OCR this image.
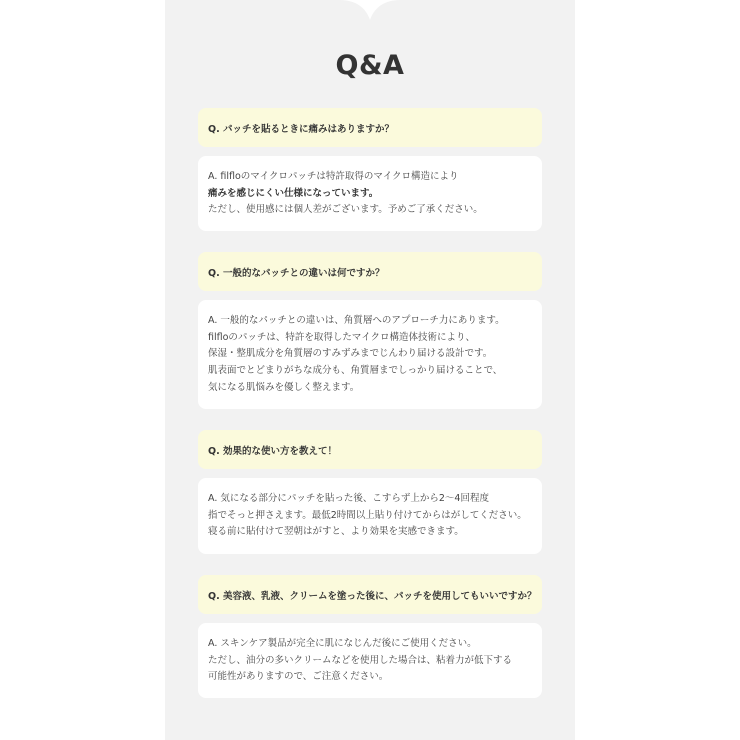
Q&A
Q. パッチを貼るときに痛みはありますか？
A. filfloのマイクロパッチは特許取得のマイクロ構造により
痛みを感じにくい仕様になっています。
ただし、使用感には個人差がございます。予めご了承ください。
Q. 一般的なパッチとの違いは何ですか？
A. 一般的なパッチとの違いは、角質層へのアプローチ力にあります。
filfloのパッチは、特許を取得したマイクロ構造体技術により、
保湿・整肌成分を角質層のすみずみまでじんわり届ける設計です。
肌表面でとどまりがちな成分も、角質層までしっかり届けることで、
気になる肌悩みを優しく整えます。
Q. 効果的な使い方を教えて！
A. 気になる部分にパッチを貼った後、こすらず上から2〜4回程度
指でそっと押さえます。最低2時間以上貼り付けてからはがしてください。
寝る前に貼付けて翌朝はがすと、より効果を実感できます。
Q. 美容液、乳液、クリームを塗った後に、パッチを使用してもいいですか？
A. スキンケア製品が完全に肌になじんだ後にご使用ください。
ただし、油分の多いクリームなどを使用した場合は、粘着力が低下する
可能性がありますので、ご注意ください。
